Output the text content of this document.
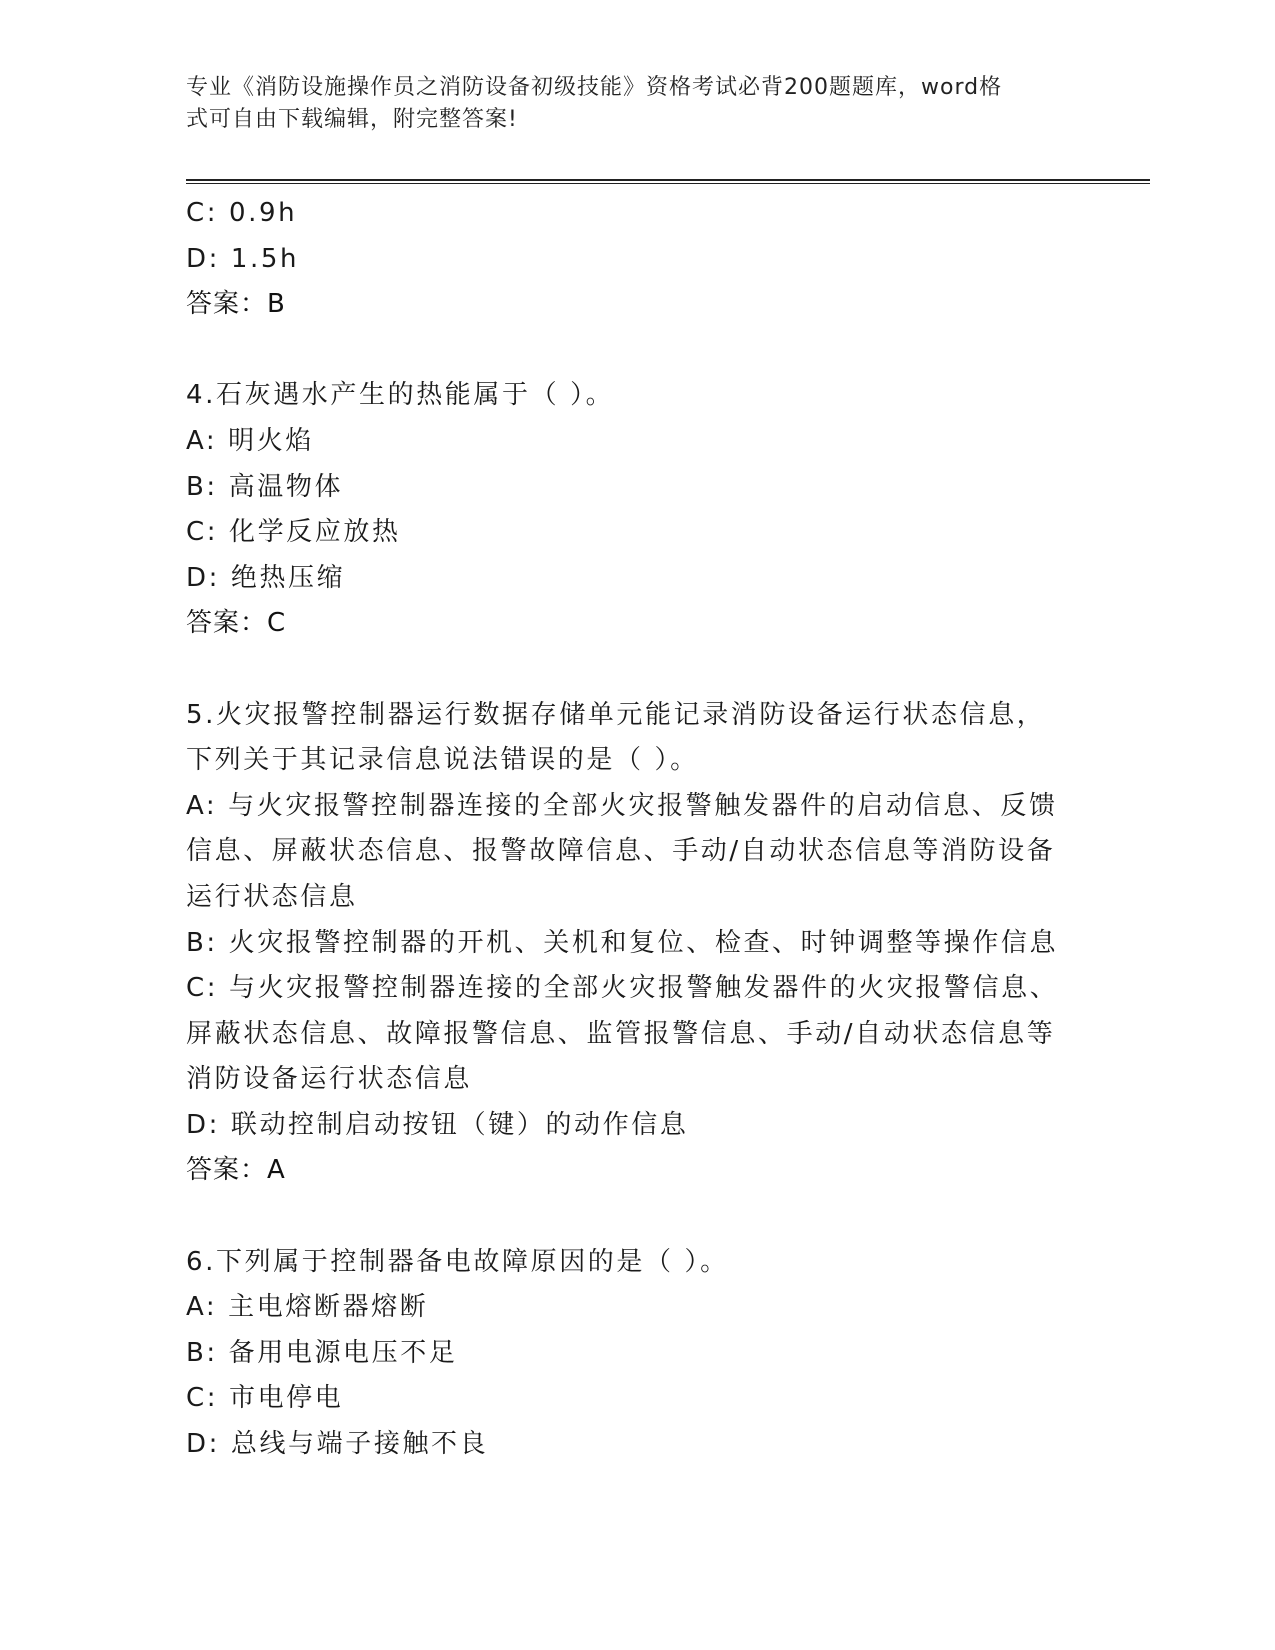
专业《消防设施操作员之消防设备初级技能》资格考试必背200题题库，word格
式可自由下载编辑，附完整答案!
C: 0.9h
D: 1.5h
答案：B
4.石灰遇水产生的热能属于（ ）。
A: 明火焰
B: 高温物体
C: 化学反应放热
D: 绝热压缩
答案：C
5.火灾报警控制器运行数据存储单元能记录消防设备运行状态信息，
下列关于其记录信息说法错误的是（ ）。
A: 与火灾报警控制器连接的全部火灾报警触发器件的启动信息、反馈
信息、屏蔽状态信息、报警故障信息、手动/自动状态信息等消防设备
运行状态信息
B: 火灾报警控制器的开机、关机和复位、检查、时钟调整等操作信息
C: 与火灾报警控制器连接的全部火灾报警触发器件的火灾报警信息、
屏蔽状态信息、故障报警信息、监管报警信息、手动/自动状态信息等
消防设备运行状态信息
D: 联动控制启动按钮（键）的动作信息
答案：A
6.下列属于控制器备电故障原因的是（ ）。
A: 主电熔断器熔断
B: 备用电源电压不足
C: 市电停电
D: 总线与端子接触不良
